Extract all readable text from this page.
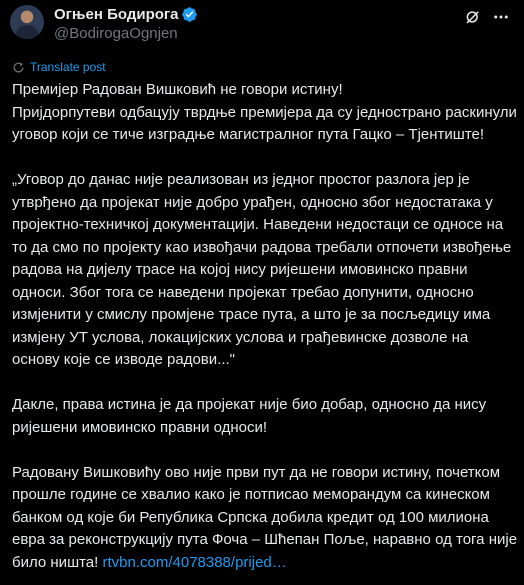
Огњен Бодирога
@BodirogaOgnjen
Translate post

Премијер Радован Вишковић не говори истину!

Пријдорпутеви одбацују тврдње премијера да су једнострано раскинули уговор који се тиче изградње магистралног пута Гацко – Тјентиште!

„Уговор до данас није реализован из једног простог разлога јер је утврђено да пројекат није добро урађен, односно због недостатака у пројектно-техничкој документацији. Наведени недостаци се односе на то да смо по пројекту као извођачи радова требали отпочети извођење радова на дијелу трасе на којој нису ријешени имовинско правни односи. Због тога се наведени пројекат требао допунити, односно измјенити у смислу промјене трасе пута, а што је за посљедицу има измјену УТ услова, локацијских услова и грађевинске дозволе на основу које се изводе радови..."

Дакле, права истина је да пројекат није био добар, односно да нису ријешени имовинско правни односи!

Радовану Вишковићу ово није први пут да не говори истину, почетком прошле године се хвалио како је потписао меморандум са кинеском банком од које би Република Српска добила кредит од 100 милиона евра за реконструкцију пута Фоча – Шћепан Поље, наравно од тога није било ништа! rtvbn.com/4078388/prijed…
